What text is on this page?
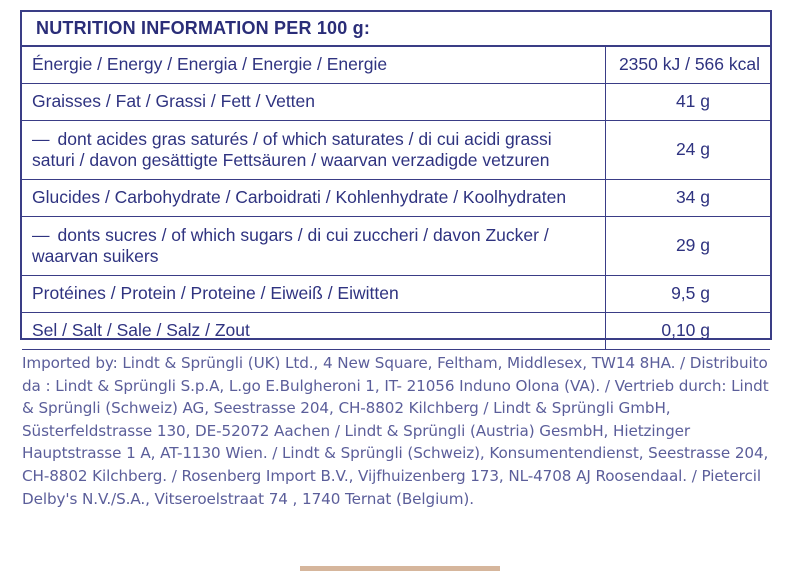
NUTRITION INFORMATION PER 100 g:
Énergie / Energy / Energia / Energie / Energie	2350 kJ / 566 kcal
Graisses / Fat / Grassi / Fett / Vetten	41 g
— dont acides gras saturés / of which saturates / di cui acidi grassi saturi / davon gesättigte Fettsäuren / waarvan verzadigde vetzuren	24 g
Glucides / Carbohydrate / Carboidrati / Kohlenhydrate / Koolhydraten	34 g
— donts sucres / of which sugars / di cui zuccheri / davon Zucker / waarvan suikers	29 g
Protéines / Protein / Proteine / Eiweiß / Eiwitten	9,5 g
Sel / Salt / Sale / Salz / Zout	0,10 g
Imported by: Lindt & Sprüngli (UK) Ltd., 4 New Square, Feltham, Middlesex, TW14 8HA. / Distribuito da : Lindt & Sprüngli S.p.A, L.go E.Bulgheroni 1, IT- 21056 Induno Olona (VA). / Vertrieb durch: Lindt & Sprüngli (Schweiz) AG, Seestrasse 204, CH-8802 Kilchberg / Lindt & Sprüngli GmbH, Süsterfeldstrasse 130, DE-52072 Aachen / Lindt & Sprüngli (Austria) GesmbH, Hietzinger Hauptstrasse 1 A, AT-1130 Wien. / Lindt & Sprüngli (Schweiz), Konsumentendienst, Seestrasse 204, CH-8802 Kilchberg. / Rosenberg Import B.V., Vijfhuizenberg 173, NL-4708 AJ Roosendaal. / Pietercil Delby's N.V./S.A., Vitseroelstraat 74 , 1740 Ternat (Belgium).
